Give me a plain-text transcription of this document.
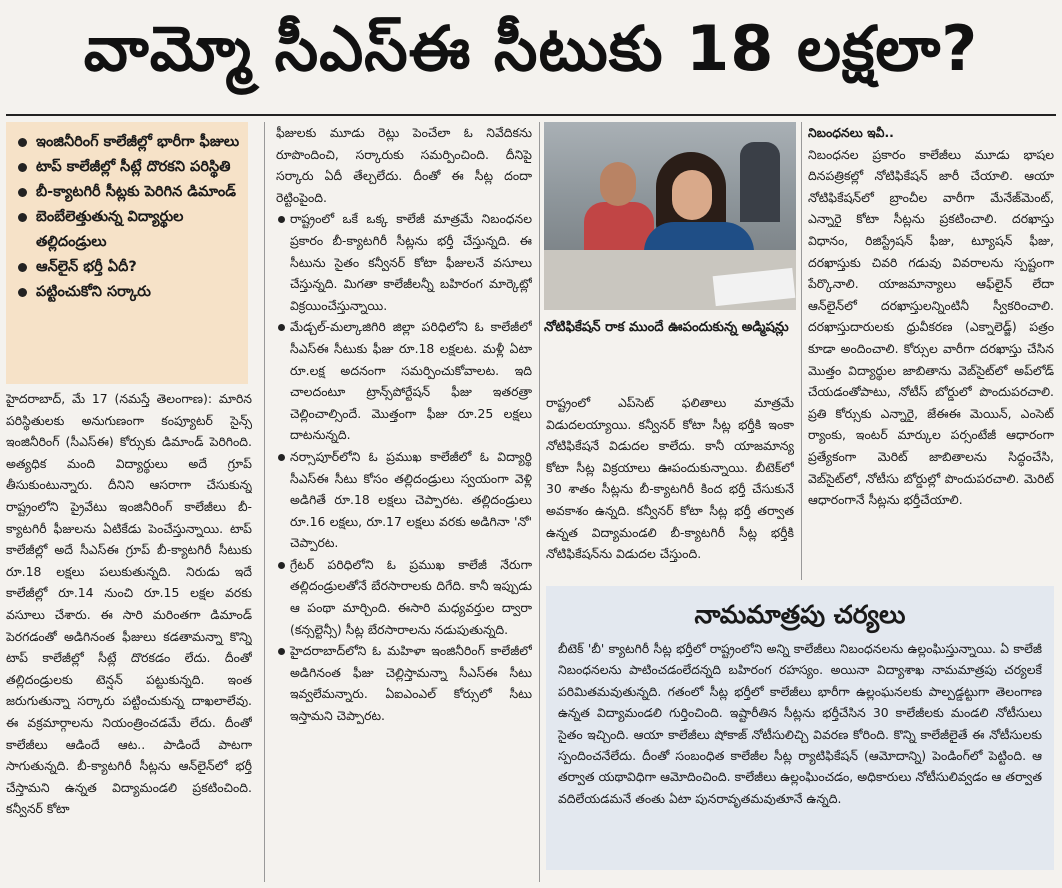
వామ్మో సీఎస్ఈ సీటుకు 18 లక్షలా?
ఇంజినీరింగ్ కాలేజీల్లో భారీగా ఫీజులు
టాప్ కాలేజీల్లో సీట్లే దొరకని పరిస్థితి
బీ-క్యాటగిరీ సీట్లకు పెరిగిన డిమాండ్
బెంబేలెత్తుతున్న విద్యార్థుల తల్లిదండ్రులు
ఆన్‌లైన్ భర్తీ ఏదీ?
పట్టించుకోని సర్కారు

హైదరాబాద్, మే 17 (నమస్తే తెలంగాణ): మారిన పరిస్థితులకు అనుగుణంగా కంప్యూటర్ సైన్స్ ఇంజినీరింగ్ (సీఎస్ఈ) కోర్సుకు డిమాండ్ పెరిగింది. అత్యధిక మంది విద్యార్థులు అదే గ్రూప్ తీసుకుంటున్నారు. దీనిని ఆసరాగా చేసుకున్న రాష్ట్రంలోని ప్రైవేటు ఇంజినీరింగ్ కాలేజీలు బీ-క్యాటగిరీ ఫీజులను ఏటికేడు పెంచేస్తున్నాయి. టాప్ కాలేజీల్లో అదే సీఎస్ఈ గ్రూప్ బీ-క్యాటగిరీ సీటుకు రూ.18 లక్షలు పలుకుతున్నది. నిరుడు ఇదే కాలేజీల్లో రూ.14 నుంచి రూ.15 లక్షల వరకు వసూలు చేశారు. ఈ సారి మరింతగా డిమాండ్ పెరగడంతో అడిగినంత ఫీజులు కడతామన్నా కొన్ని టాప్ కాలేజీల్లో సీట్లే దొరకడం లేదు. దీంతో తల్లిదండ్రులకు టెన్షన్ పట్టుకున్నది. ఇంత జరుగుతున్నా సర్కారు పట్టించుకున్న దాఖలాలేవు. ఈ వక్రమార్గాలను నియంత్రించడమే లేదు. దీంతో కాలేజీలు ఆడిందే ఆట.. పాడిందే పాటగా సాగుతున్నది. బీ-క్యాటగిరీ సీట్లను ఆన్‌లైన్‌లో భర్తీ చేస్తామని ఉన్నత విద్యామండలి ప్రకటించింది. కన్వీనర్ కోటా

ఫీజులకు మూడు రెట్లు పెంచేలా ఓ నివేదికను రూపొందించి, సర్కారుకు సమర్పించింది. దీనిపై సర్కారు ఏదీ తేల్చలేదు. దీంతో ఈ సీట్ల దందా రెట్టింపైంది.

రాష్ట్రంలో ఒకే ఒక్క కాలేజీ మాత్రమే నిబంధనల ప్రకారం బీ-క్యాటగిరీ సీట్లను భర్తీ చేస్తున్నది. ఈ సీటును సైతం కన్వీనర్ కోటా ఫీజులనే వసూలు చేస్తున్నది. మిగతా కాలేజీలన్నీ బహిరంగ మార్కెట్లో విక్రయించేస్తున్నాయి.

మేడ్చల్-మల్కాజిగిరి జిల్లా పరిధిలోని ఓ కాలేజీలో సీఎస్ఈ సీటుకు ఫీజు రూ.18 లక్షలట. మళ్లీ ఏటా రూ.లక్ష అదనంగా సమర్పించుకోవాలట. ఇది చాలదంటూ ట్రాన్స్‌పోర్టేషన్ ఫీజు ఇతరత్రా చెల్లించాల్సిందే. మొత్తంగా ఫీజు రూ.25 లక్షలు దాటనున్నది.

నర్సాపూర్‌లోని ఓ ప్రముఖ కాలేజీలో ఓ విద్యార్థి సీఎస్ఈ సీటు కోసం తల్లిదండ్రులు స్వయంగా వెళ్లి అడిగితే రూ.18 లక్షలు చెప్పారట. తల్లిదండ్రులు రూ.16 లక్షలు, రూ.17 లక్షలు వరకు అడిగినా 'నో' చెప్పారట.

గ్రేటర్ పరిధిలోని ఓ ప్రముఖ కాలేజీ నేరుగా తల్లిదండ్రులతోనే బేరసారాలకు దిగేది. కానీ ఇప్పుడు ఆ పంథా మార్చింది. ఈసారి మధ్యవర్తుల ద్వారా (కన్సల్టెన్సీ) సీట్ల బేరసారాలను నడుపుతున్నది.

హైదరాబాద్‌లోని ఓ మహిళా ఇంజినీరింగ్ కాలేజీలో అడిగినంత ఫీజు చెల్లిస్తామన్నా సీఎస్ఈ సీటు ఇవ్వలేమన్నారు. ఏఐఎంఎల్ కోర్సులో సీటు ఇస్తామని చెప్పారట.

నోటిఫికేషన్ రాక ముందే ఊపందుకున్న అడ్మిషన్లు

రాష్ట్రంలో ఎప్‌సెట్ ఫలితాలు మాత్రమే విడుదలయ్యాయి. కన్వీనర్ కోటా సీట్ల భర్తీకి ఇంకా నోటిఫికేషనే విడుదల కాలేదు. కానీ యాజమాన్య కోటా సీట్ల విక్రయాలు ఊపందుకున్నాయి. బీటెక్‌లో 30 శాతం సీట్లను బీ-క్యాటగిరీ కింద భర్తీ చేసుకునే అవకాశం ఉన్నది. కన్వీనర్ కోటా సీట్ల భర్తీ తర్వాత ఉన్నత విద్యామండలి బీ-క్యాటగిరీ సీట్ల భర్తీకి నోటిఫికేషన్‌ను విడుదల చేస్తుంది.

నిబంధనలు ఇవీ..

నిబంధనల ప్రకారం కాలేజీలు మూడు భాషల దినపత్రికల్లో నోటిఫికేషన్ జారీ చేయాలి. ఆయా నోటిఫికేషన్‌లో బ్రాంచీల వారీగా మేనేజ్‌మెంట్, ఎన్నారై కోటా సీట్లను ప్రకటించాలి. దరఖాస్తు విధానం, రిజిస్ట్రేషన్ ఫీజు, ట్యూషన్ ఫీజు, దరఖాస్తుకు చివరి గడువు వివరాలను స్పష్టంగా పేర్కొనాలి. యాజమాన్యాలు ఆఫ్‌లైన్ లేదా ఆన్‌లైన్‌లో దరఖాస్తులన్నింటినీ స్వీకరించాలి. దరఖాస్తుదారులకు ధ్రువీకరణ (ఎక్నాలెడ్జ్) పత్రం కూడా అందించాలి. కోర్సుల వారీగా దరఖాస్తు చేసిన మొత్తం విద్యార్థుల జాబితాను వెబ్‌సైట్‌లో అప్‌లోడ్ చేయడంతోపాటు, నోటీస్ బోర్డులో పొందుపరచాలి. ప్రతి కోర్సుకు ఎన్నారై, జేఈఈ మెయిన్, ఎంసెట్ ర్యాంకు, ఇంటర్ మార్కుల పర్సంటేజీ ఆధారంగా ప్రత్యేకంగా మెరిట్ జాబితాలను సిద్ధంచేసి, వెబ్‌సైట్‌లో, నోటీసు బోర్డుల్లో పొందుపరచాలి. మెరిట్ ఆధారంగానే సీట్లను భర్తీచేయాలి.

నామమాత్రపు చర్యలు

బీటెక్ 'బీ' క్యాటగిరీ సీట్ల భర్తీలో రాష్ట్రంలోని అన్ని కాలేజీలు నిబంధనలను ఉల్లంఘిస్తున్నాయి. ఏ కాలేజీ నిబంధనలను పాటించడంలేదన్నది బహిరంగ రహస్యం. అయినా విద్యాశాఖ నామమాత్రపు చర్యలకే పరిమితమవుతున్నది. గతంలో సీట్ల భర్తీలో కాలేజీలు భారీగా ఉల్లంఘనలకు పాల్పడ్డట్టుగా తెలంగాణ ఉన్నత విద్యామండలి గుర్తించింది. ఇష్టారీతిన సీట్లను భర్తీచేసిన 30 కాలేజీలకు మండలి నోటీసులు సైతం ఇచ్చింది. ఆయా కాలేజీలు షోకాజ్ నోటీసులిచ్చి వివరణ కోరింది. కొన్ని కాలేజీలైతే ఈ నోటీసులకు స్పందించనేలేదు. దీంతో సంబంధిత కాలేజీల సీట్ల ర్యాటిఫికేషన్ (ఆమోదాన్ని) పెండింగ్‌లో పెట్టింది. ఆ తర్వాత యథావిధిగా ఆమోదించింది. కాలేజీలు ఉల్లంఘించడం, అధికారులు నోటీసులివ్వడం ఆ తర్వాత వదిలేయడమనే తంతు ఏటా పునరావృతమవుతూనే ఉన్నది.
